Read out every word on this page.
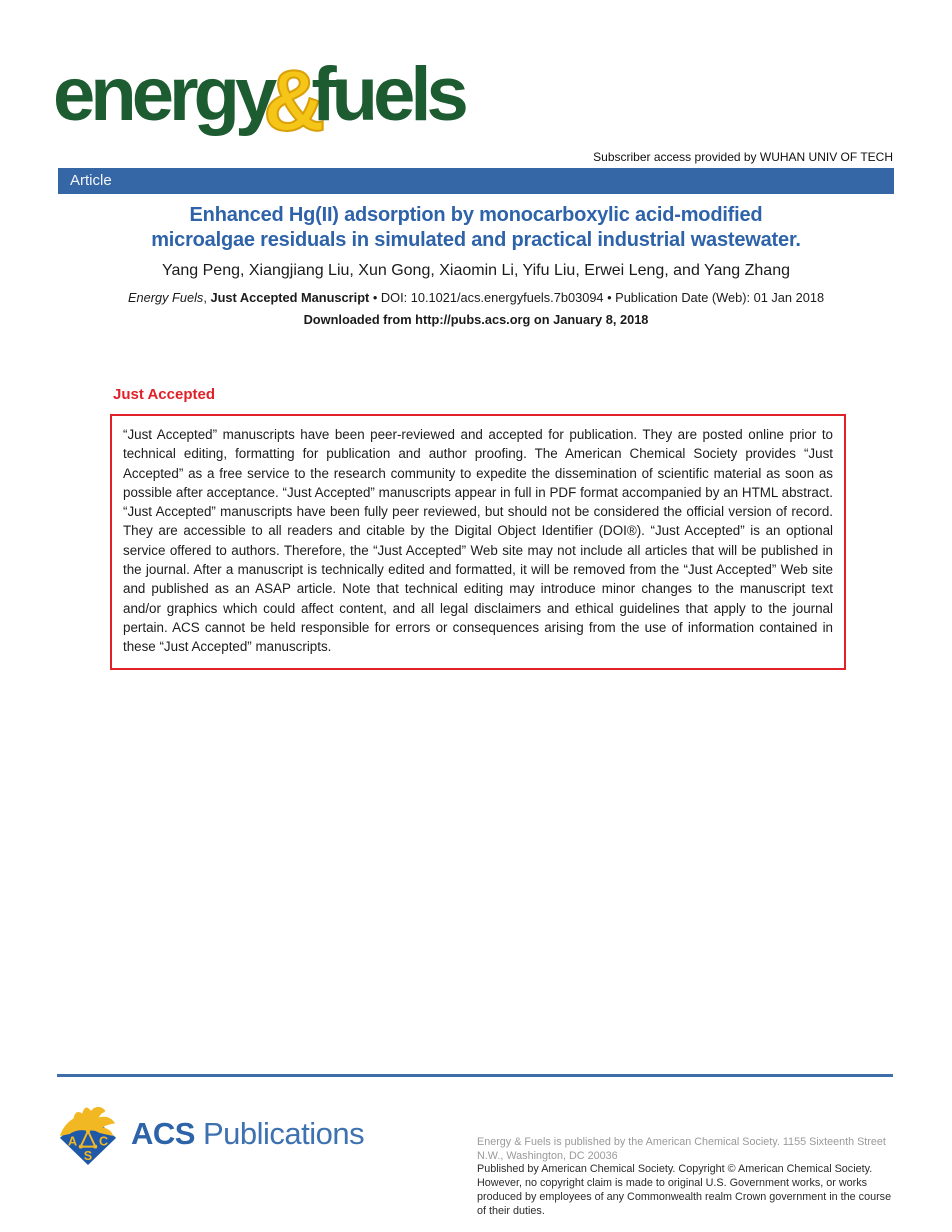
energy&fuels
Subscriber access provided by WUHAN UNIV OF TECH
Article
Enhanced Hg(II) adsorption by monocarboxylic acid-modified
microalgae residuals in simulated and practical industrial wastewater.
Yang Peng, Xiangjiang Liu, Xun Gong, Xiaomin Li, Yifu Liu, Erwei Leng, and Yang Zhang
Energy Fuels, Just Accepted Manuscript • DOI: 10.1021/acs.energyfuels.7b03094 • Publication Date (Web): 01 Jan 2018
Downloaded from http://pubs.acs.org on January 8, 2018
Just Accepted
“Just Accepted” manuscripts have been peer-reviewed and accepted for publication. They are posted online prior to technical editing, formatting for publication and author proofing. The American Chemical Society provides “Just Accepted” as a free service to the research community to expedite the dissemination of scientific material as soon as possible after acceptance. “Just Accepted” manuscripts appear in full in PDF format accompanied by an HTML abstract. “Just Accepted” manuscripts have been fully peer reviewed, but should not be considered the official version of record. They are accessible to all readers and citable by the Digital Object Identifier (DOI®). “Just Accepted” is an optional service offered to authors. Therefore, the “Just Accepted” Web site may not include all articles that will be published in the journal. After a manuscript is technically edited and formatted, it will be removed from the “Just Accepted” Web site and published as an ASAP article. Note that technical editing may introduce minor changes to the manuscript text and/or graphics which could affect content, and all legal disclaimers and ethical guidelines that apply to the journal pertain. ACS cannot be held responsible for errors or consequences arising from the use of information contained in these “Just Accepted” manuscripts.
A C
S
ACS Publications	Energy & Fuels is published by the American Chemical Society. 1155 Sixteenth Street N.W., Washington, DC 20036
Published by American Chemical Society. Copyright © American Chemical Society. However, no copyright claim is made to original U.S. Government works, or works produced by employees of any Commonwealth realm Crown government in the course of their duties.
